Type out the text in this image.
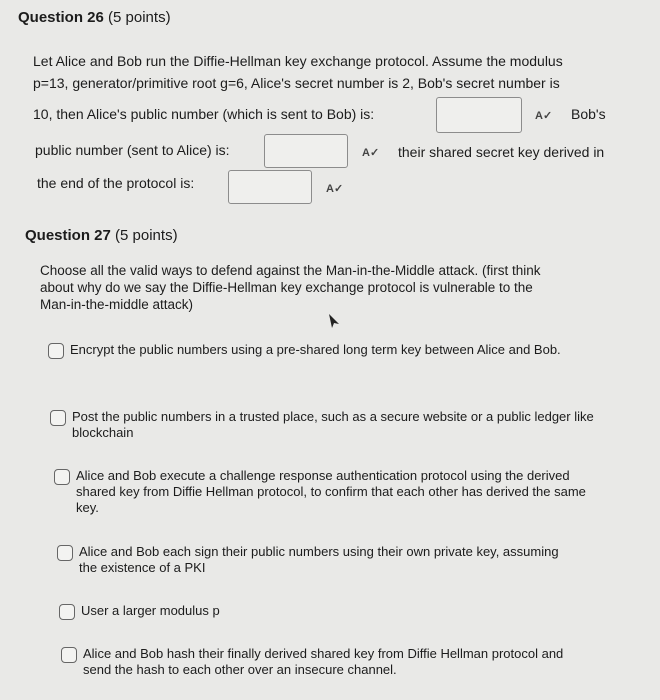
Question 26 (5 points)
Let Alice and Bob run the Diffie-Hellman key exchange protocol. Assume the modulus
p=13, generator/primitive root g=6, Alice's secret number is 2, Bob's secret number is
10, then Alice's public number (which is sent to Bob) is:	A✓ Bob's
public number (sent to Alice) is:	A✓ their shared secret key derived in
the end of the protocol is:	A✓
Question 27 (5 points)
Choose all the valid ways to defend against the Man-in-the-Middle attack. (first think
about why do we say the Diffie-Hellman key exchange protocol is vulnerable to the
Man-in-the-middle attack)
Encrypt the public numbers using a pre-shared long term key between Alice and Bob.
Post the public numbers in a trusted place, such as a secure website or a public ledger like blockchain
Alice and Bob execute a challenge response authentication protocol using the derived shared key from Diffie Hellman protocol, to confirm that each other has derived the same key.
Alice and Bob each sign their public numbers using their own private key, assuming the existence of a PKI
User a larger modulus p
Alice and Bob hash their finally derived shared key from Diffie Hellman protocol and send the hash to each other over an insecure channel.
